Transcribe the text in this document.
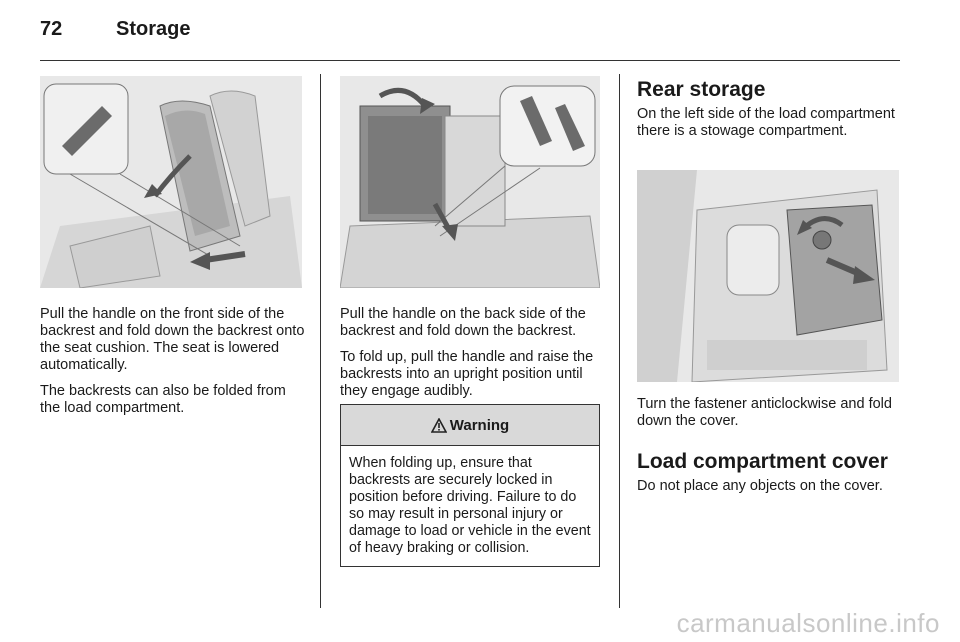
72	Storage

Pull the handle on the front side of the backrest and fold down the backrest onto the seat cushion. The seat is lowered automatically.

The backrests can also be folded from the load compartment.

Pull the handle on the back side of the backrest and fold down the backrest.

To fold up, pull the handle and raise the backrests into an upright position until they engage audibly.

Warning
When folding up, ensure that backrests are securely locked in position before driving. Failure to do so may result in personal injury or damage to load or vehicle in the event of heavy braking or collision.
Rear storage

On the left side of the load compartment there is a stowage compartment.

Turn the fastener anticlockwise and fold down the cover.

Load compartment cover

Do not place any objects on the cover.

carmanualsonline.info
